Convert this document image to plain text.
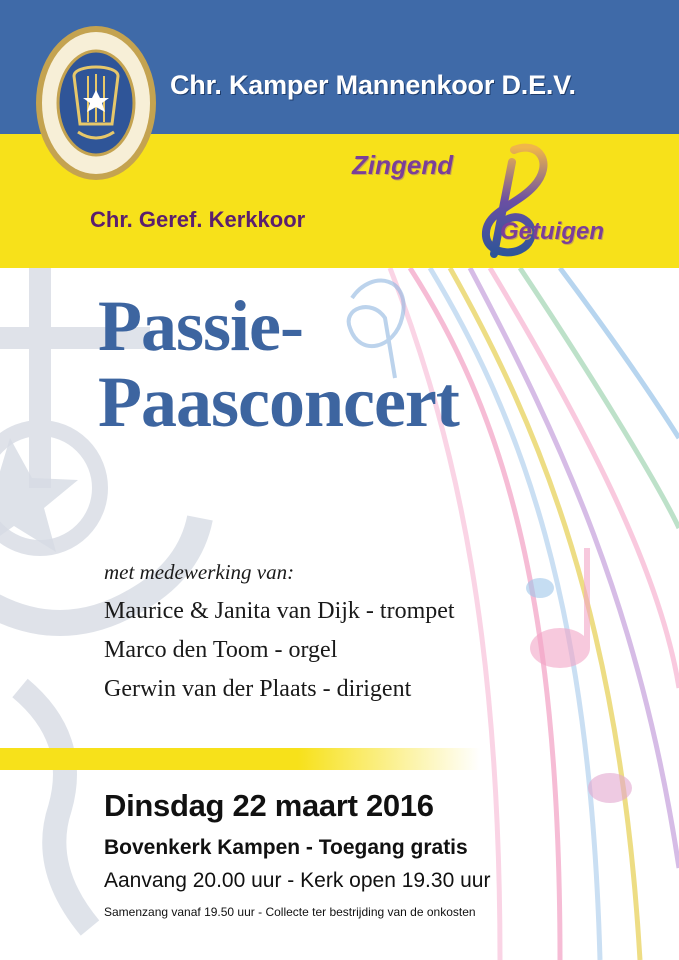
Chr. Kamper Mannenkoor D.E.V.
Chr. Geref. Kerkkoor
Zingend
Getuigen
Passie-
Paasconcert
met medewerking van:
Maurice & Janita van Dijk - trompet
Marco den Toom - orgel
Gerwin van der Plaats - dirigent
Dinsdag 22 maart 2016
Bovenkerk Kampen - Toegang gratis
Aanvang 20.00 uur - Kerk open 19.30 uur
Samenzang vanaf 19.50 uur - Collecte ter bestrijding van de onkosten
